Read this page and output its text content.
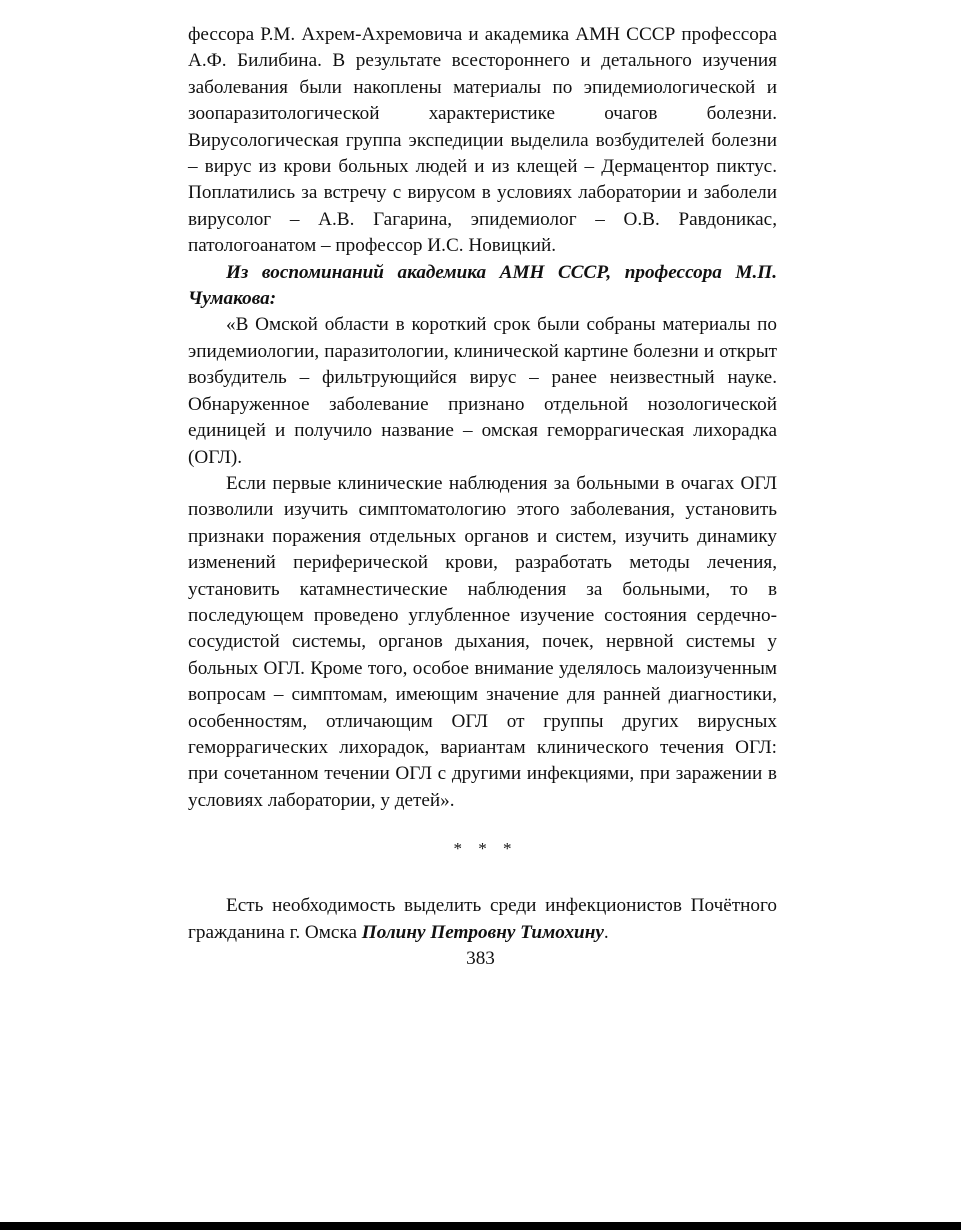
фессора Р.М. Ахрем-Ахремовича и академика АМН СССР профессора А.Ф. Билибина. В результате всестороннего и детального изучения заболевания были накоплены материалы по эпидемиологической и зоопаразитологической характеристике очагов болезни. Вирусологическая группа экспедиции выделила возбудителей болезни – вирус из крови больных людей и из клещей – Дермацентор пиктус. Поплатились за встречу с вирусом в условиях лаборатории и заболели вирусолог – А.В. Гагарина, эпидемиолог – О.В. Равдоникас, патологоанатом – профессор И.С. Новицкий.

Из воспоминаний академика АМН СССР, профессора М.П. Чумакова:

«В Омской области в короткий срок были собраны материалы по эпидемиологии, паразитологии, клинической картине болезни и открыт возбудитель – фильтрующийся вирус – ранее неизвестный науке. Обнаруженное заболевание признано отдельной нозологической единицей и получило название – омская геморрагическая лихорадка (ОГЛ).

Если первые клинические наблюдения за больными в очагах ОГЛ позволили изучить симптоматологию этого заболевания, установить признаки поражения отдельных органов и систем, изучить динамику изменений периферической крови, разработать методы лечения, установить катамнестические наблюдения за больными, то в последующем проведено углубленное изучение состояния сердечно-сосудистой системы, органов дыхания, почек, нервной системы у больных ОГЛ. Кроме того, особое внимание уделялось малоизученным вопросам – симптомам, имеющим значение для ранней диагностики, особенностям, отличающим ОГЛ от группы других вирусных геморрагических лихорадок, вариантам клинического течения ОГЛ: при сочетанном течении ОГЛ с другими инфекциями, при заражении в условиях лаборатории, у детей».

* * *

Есть необходимость выделить среди инфекционистов Почётного гражданина г. Омска Полину Петровну Тимохину.

383
